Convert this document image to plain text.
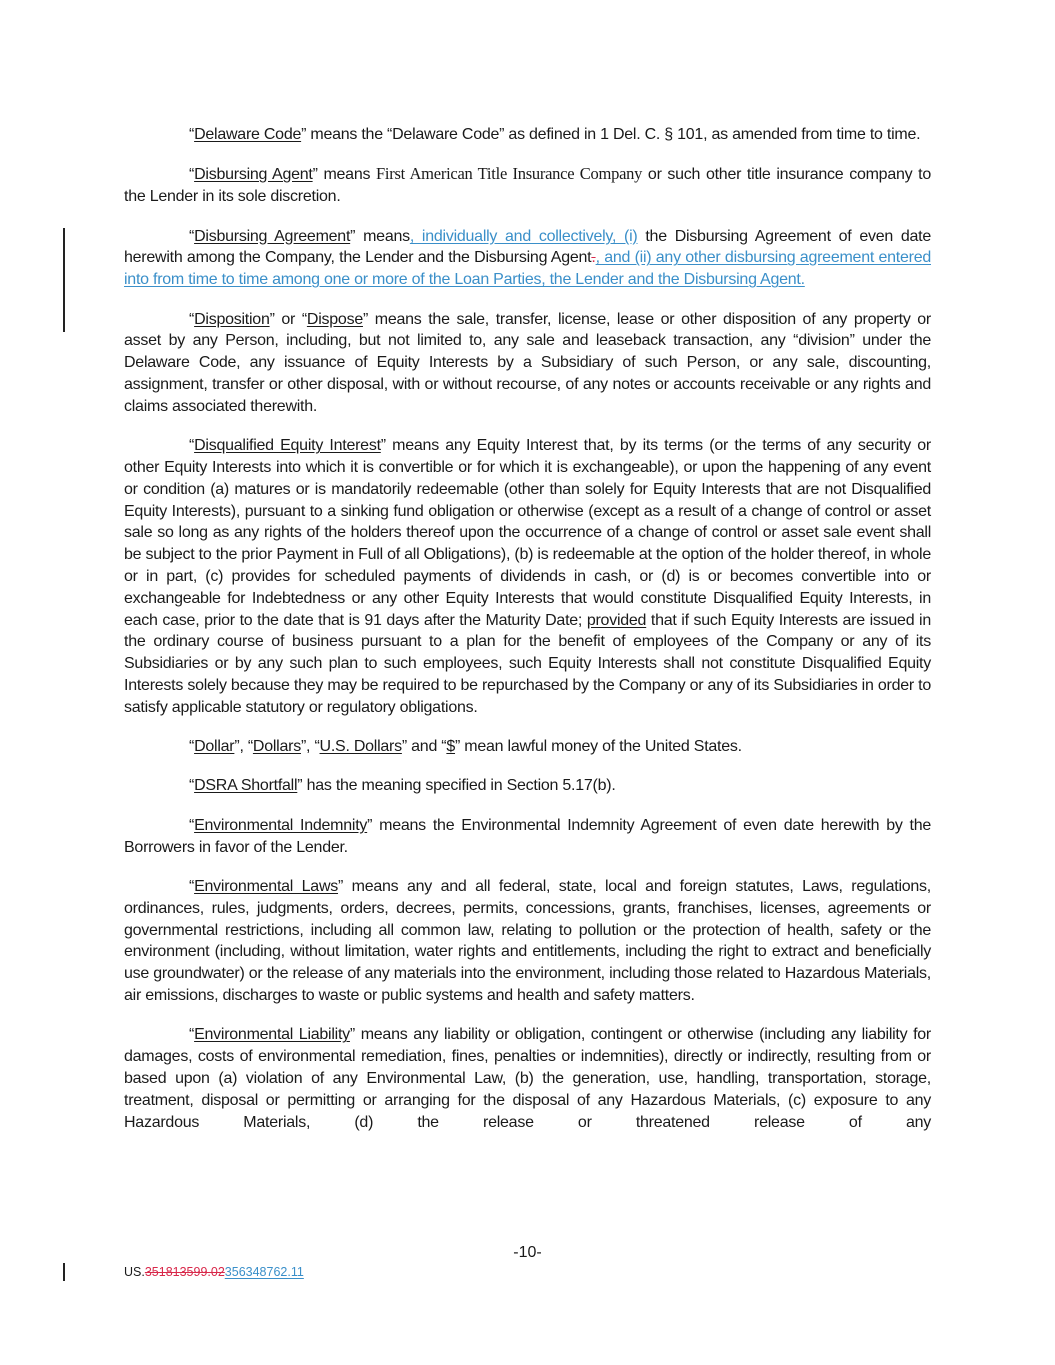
“Delaware Code” means the “Delaware Code” as defined in 1 Del. C. § 101, as amended from time to time.

“Disbursing Agent” means First American Title Insurance Company or such other title insurance company to the Lender in its sole discretion.

“Disbursing Agreement” means, individually and collectively, (i) the Disbursing Agreement of even date herewith among the Company, the Lender and the Disbursing Agent., and (ii) any other disbursing agreement entered into from time to time among one or more of the Loan Parties, the Lender and the Disbursing Agent.

“Disposition” or “Dispose” means the sale, transfer, license, lease or other disposition of any property or asset by any Person, including, but not limited to, any sale and leaseback transaction, any “division” under the Delaware Code, any issuance of Equity Interests by a Subsidiary of such Person, or any sale, discounting, assignment, transfer or other disposal, with or without recourse, of any notes or accounts receivable or any rights and claims associated therewith.

“Disqualified Equity Interest” means any Equity Interest that, by its terms (or the terms of any security or other Equity Interests into which it is convertible or for which it is exchangeable), or upon the happening of any event or condition (a) matures or is mandatorily redeemable (other than solely for Equity Interests that are not Disqualified Equity Interests), pursuant to a sinking fund obligation or otherwise (except as a result of a change of control or asset sale so long as any rights of the holders thereof upon the occurrence of a change of control or asset sale event shall be subject to the prior Payment in Full of all Obligations), (b) is redeemable at the option of the holder thereof, in whole or in part, (c) provides for scheduled payments of dividends in cash, or (d) is or becomes convertible into or exchangeable for Indebtedness or any other Equity Interests that would constitute Disqualified Equity Interests, in each case, prior to the date that is 91 days after the Maturity Date; provided that if such Equity Interests are issued in the ordinary course of business pursuant to a plan for the benefit of employees of the Company or any of its Subsidiaries or by any such plan to such employees, such Equity Interests shall not constitute Disqualified Equity Interests solely because they may be required to be repurchased by the Company or any of its Subsidiaries in order to satisfy applicable statutory or regulatory obligations.

“Dollar”, “Dollars”, “U.S. Dollars” and “$” mean lawful money of the United States.

“DSRA Shortfall” has the meaning specified in Section 5.17(b).

“Environmental Indemnity” means the Environmental Indemnity Agreement of even date herewith by the Borrowers in favor of the Lender.

“Environmental Laws” means any and all federal, state, local and foreign statutes, Laws, regulations, ordinances, rules, judgments, orders, decrees, permits, concessions, grants, franchises, licenses, agreements or governmental restrictions, including all common law, relating to pollution or the protection of health, safety or the environment (including, without limitation, water rights and entitlements, including the right to extract and beneficially use groundwater) or the release of any materials into the environment, including those related to Hazardous Materials, air emissions, discharges to waste or public systems and health and safety matters.

“Environmental Liability” means any liability or obligation, contingent or otherwise (including any liability for damages, costs of environmental remediation, fines, penalties or indemnities), directly or indirectly, resulting from or based upon (a) violation of any Environmental Law, (b) the generation, use, handling, transportation, storage, treatment, disposal or permitting or arranging for the disposal of any Hazardous Materials, (c) exposure to any Hazardous Materials, (d) the release or threatened release of any

-10-
US.351813599.02356348762.11
